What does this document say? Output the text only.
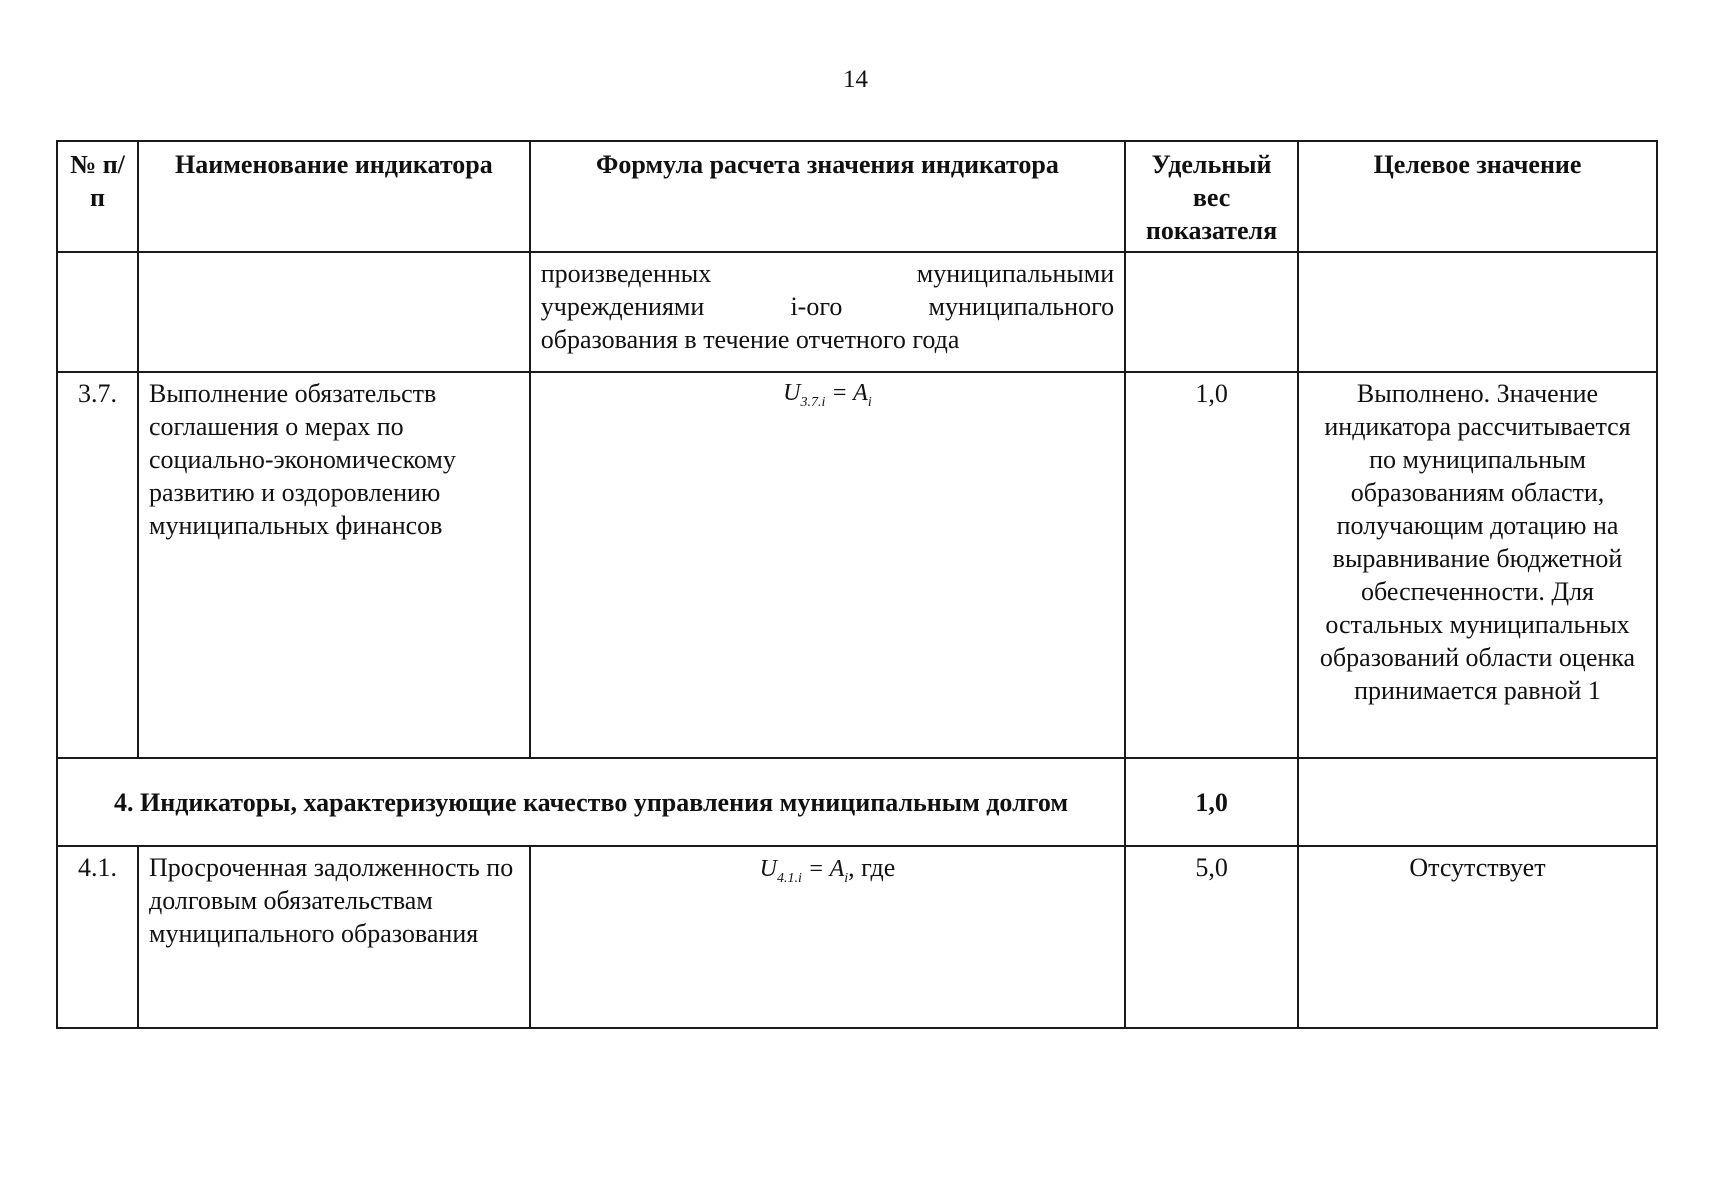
14
№ п/п	Наименование индикатора	Формула расчета значения индикатора	Удельный вес показателя	Целевое значение

		произведенных муниципальными
учреждениями i-ого муниципального
образования в течение отчетного года		

3.7.	Выполнение обязательств соглашения о мерах по социально-экономическому развитию и оздоровлению муниципальных финансов	$U_{3.7.i} = A_i$	1,0	Выполнено. Значение индикатора рассчитывается по муниципальным образованиям области, получающим дотацию на выравнивание бюджетной обеспеченности. Для остальных муниципальных образований области оценка принимается равной 1
4. Индикаторы, характеризующие качество управления муниципальным долгом			1,0	
4.1.	Просроченная задолженность по долговым обязательствам муниципального образования	$U_{4.1.i} = A_i$, где	5,0	Отсутствует
